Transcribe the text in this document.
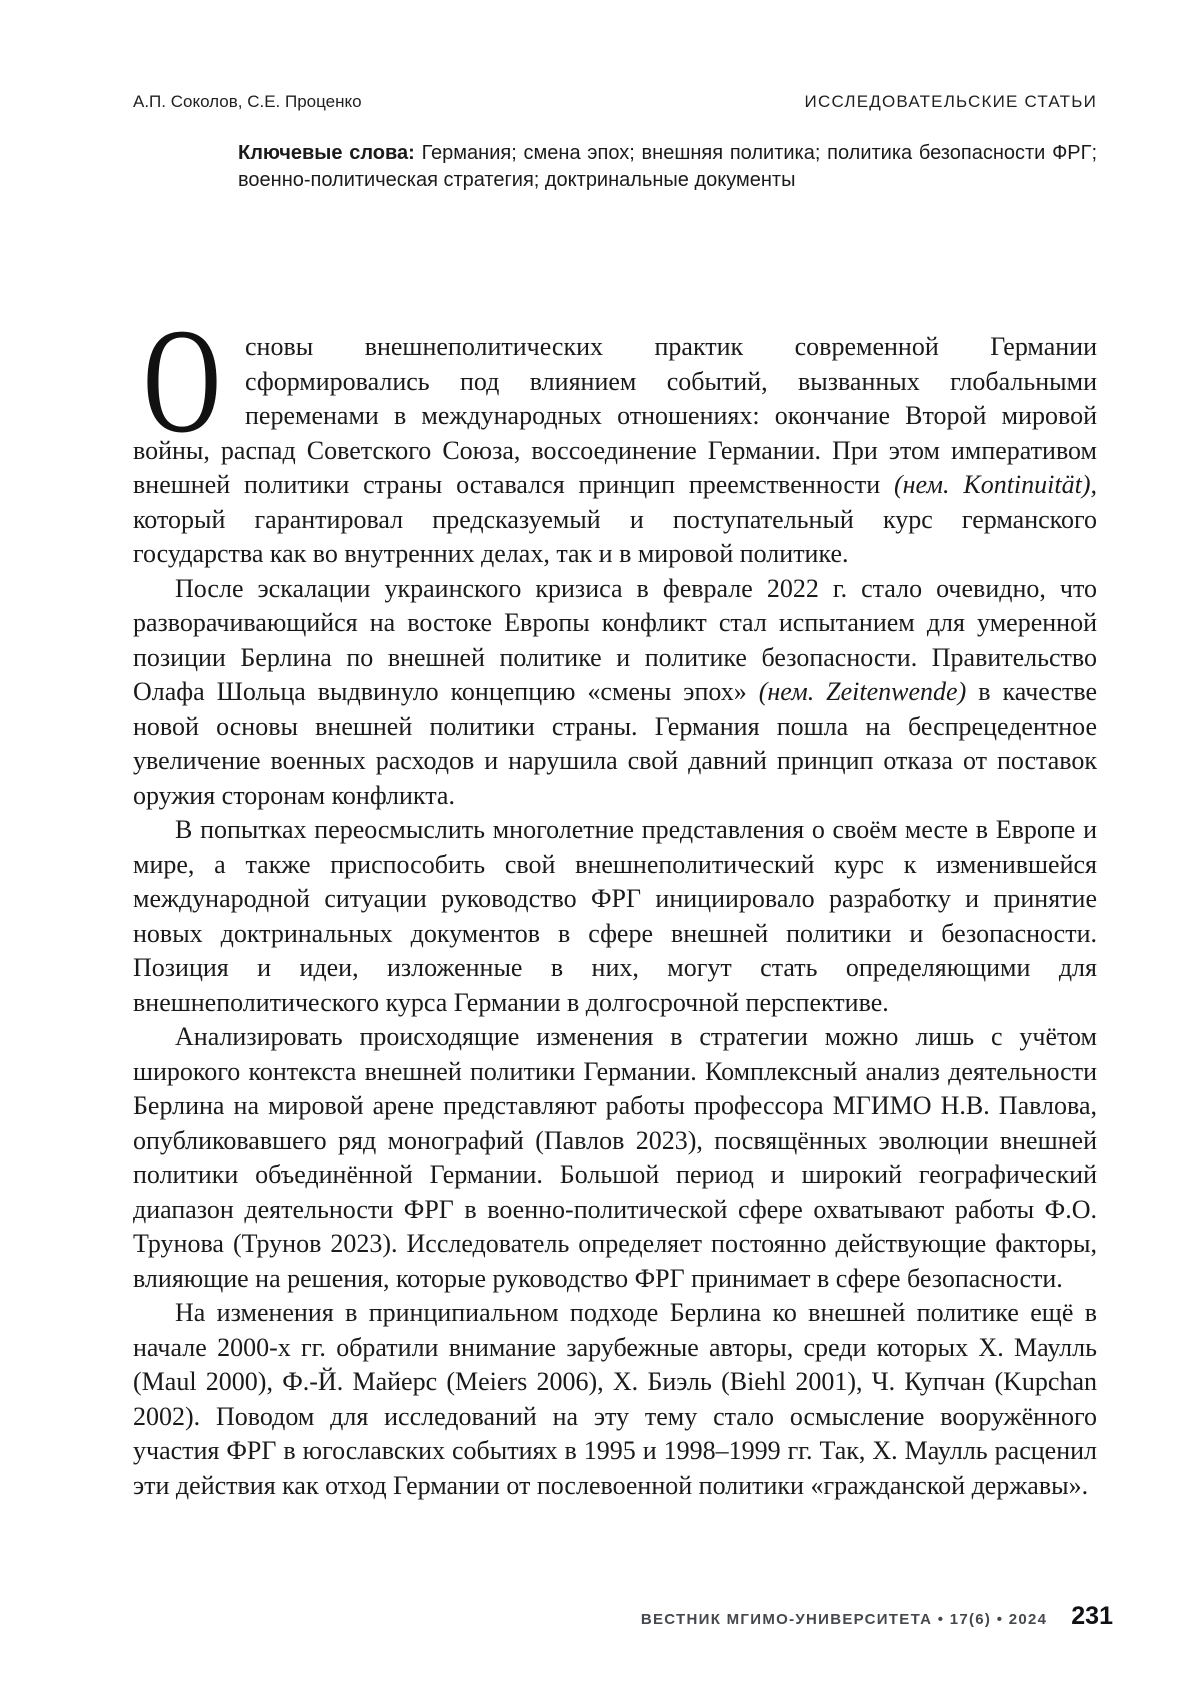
А.П. Соколов, С.Е. Проценко	ИССЛЕДОВАТЕЛЬСКИЕ СТАТЬИ

Ключевые слова: Германия; смена эпох; внешняя политика; политика безопасности ФРГ; военно-политическая стратегия; доктринальные документы

Основы внешнеполитических практик современной Германии сформировались под влиянием событий, вызванных глобальными переменами в международных отношениях: окончание Второй мировой войны, распад Советского Союза, воссоединение Германии. При этом императивом внешней политики страны оставался принцип преемственности (нем. Kontinuität), который гарантировал предсказуемый и поступательный курс германского государства как во внутренних делах, так и в мировой политике.

После эскалации украинского кризиса в феврале 2022 г. стало очевидно, что разворачивающийся на востоке Европы конфликт стал испытанием для умеренной позиции Берлина по внешней политике и политике безопасности. Правительство Олафа Шольца выдвинуло концепцию «смены эпох» (нем. Zeitenwende) в качестве новой основы внешней политики страны. Германия пошла на беспрецедентное увеличение военных расходов и нарушила свой давний принцип отказа от поставок оружия сторонам конфликта.

В попытках переосмыслить многолетние представления о своём месте в Европе и мире, а также приспособить свой внешнеполитический курс к изменившейся международной ситуации руководство ФРГ инициировало разработку и принятие новых доктринальных документов в сфере внешней политики и безопасности. Позиция и идеи, изложенные в них, могут стать определяющими для внешнеполитического курса Германии в долгосрочной перспективе.

Анализировать происходящие изменения в стратегии можно лишь с учётом широкого контекста внешней политики Германии. Комплексный анализ деятельности Берлина на мировой арене представляют работы профессора МГИМО Н.В. Павлова, опубликовавшего ряд монографий (Павлов 2023), посвящённых эволюции внешней политики объединённой Германии. Большой период и широкий географический диапазон деятельности ФРГ в военно-политической сфере охватывают работы Ф.О. Трунова (Трунов 2023). Исследователь определяет постоянно действующие факторы, влияющие на решения, которые руководство ФРГ принимает в сфере безопасности.

На изменения в принципиальном подходе Берлина ко внешней политике ещё в начале 2000-х гг. обратили внимание зарубежные авторы, среди которых Х. Маулль (Maul 2000), Ф.-Й. Майерс (Meiers 2006), Х. Биэль (Biehl 2001), Ч. Купчан (Kupchan 2002). Поводом для исследований на эту тему стало осмысление вооружённого участия ФРГ в югославских событиях в 1995 и 1998–1999 гг. Так, Х. Маулль расценил эти действия как отход Германии от послевоенной политики «гражданской державы».

ВЕСТНИК МГИМО-УНИВЕРСИТЕТА • 17(6) • 2024 231
